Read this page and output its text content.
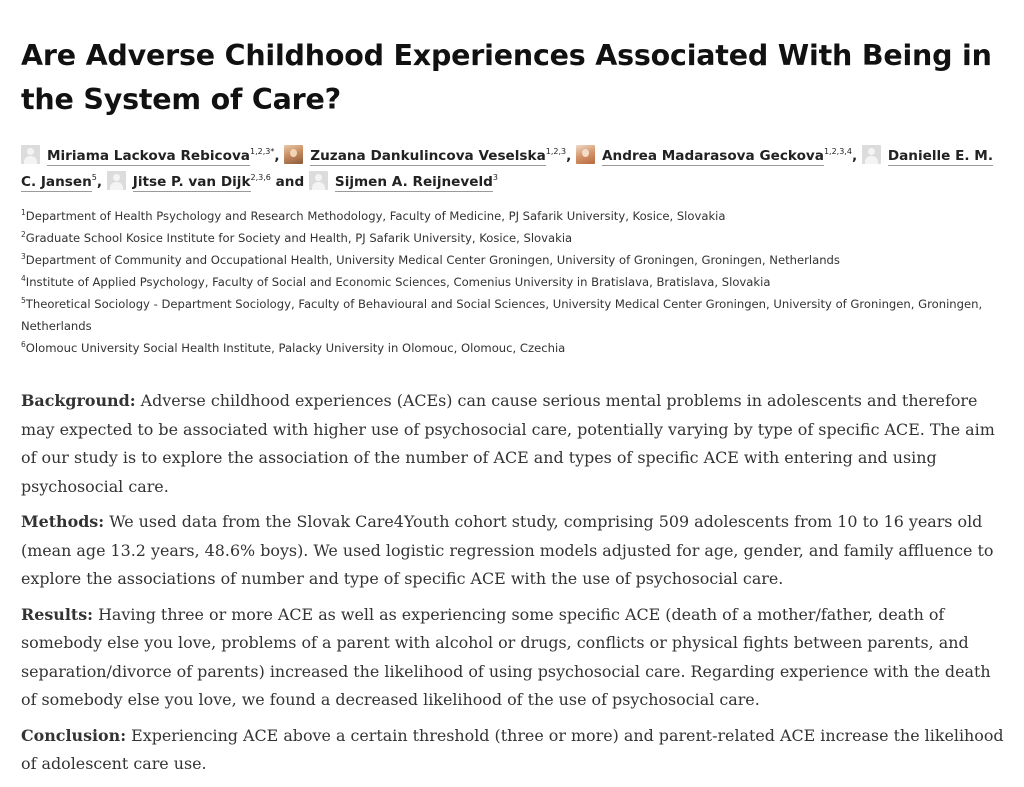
Are Adverse Childhood Experiences Associated With Being in the System of Care?
Miriama Lackova Rebicova$^{1,2,3*}$, Zuzana Dankulincova Veselska$^{1,2,3}$, Andrea Madarasova Geckova$^{1,2,3,4}$, Danielle E. M. C. Jansen$^5$, Jitse P. van Dijk$^{2,3,6}$ and Sijmen A. Reijneveld$^3$
$^1$Department of Health Psychology and Research Methodology, Faculty of Medicine, PJ Safarik University, Kosice, Slovakia
$^2$Graduate School Kosice Institute for Society and Health, PJ Safarik University, Kosice, Slovakia
$^3$Department of Community and Occupational Health, University Medical Center Groningen, University of Groningen, Groningen, Netherlands
$^4$Institute of Applied Psychology, Faculty of Social and Economic Sciences, Comenius University in Bratislava, Bratislava, Slovakia
$^5$Theoretical Sociology - Department Sociology, Faculty of Behavioural and Social Sciences, University Medical Center Groningen, University of Groningen, Groningen, Netherlands
$^6$Olomouc University Social Health Institute, Palacky University in Olomouc, Olomouc, Czechia

Background: Adverse childhood experiences (ACEs) can cause serious mental problems in adolescents and therefore may expected to be associated with higher use of psychosocial care, potentially varying by type of specific ACE. The aim of our study is to explore the association of the number of ACE and types of specific ACE with entering and using psychosocial care.

Methods: We used data from the Slovak Care4Youth cohort study, comprising 509 adolescents from 10 to 16 years old (mean age 13.2 years, 48.6% boys). We used logistic regression models adjusted for age, gender, and family affluence to explore the associations of number and type of specific ACE with the use of psychosocial care.

Results: Having three or more ACE as well as experiencing some specific ACE (death of a mother/father, death of somebody else you love, problems of a parent with alcohol or drugs, conflicts or physical fights between parents, and separation/divorce of parents) increased the likelihood of using psychosocial care. Regarding experience with the death of somebody else you love, we found a decreased likelihood of the use of psychosocial care.

Conclusion: Experiencing ACE above a certain threshold (three or more) and parent-related ACE increase the likelihood of adolescent care use.
